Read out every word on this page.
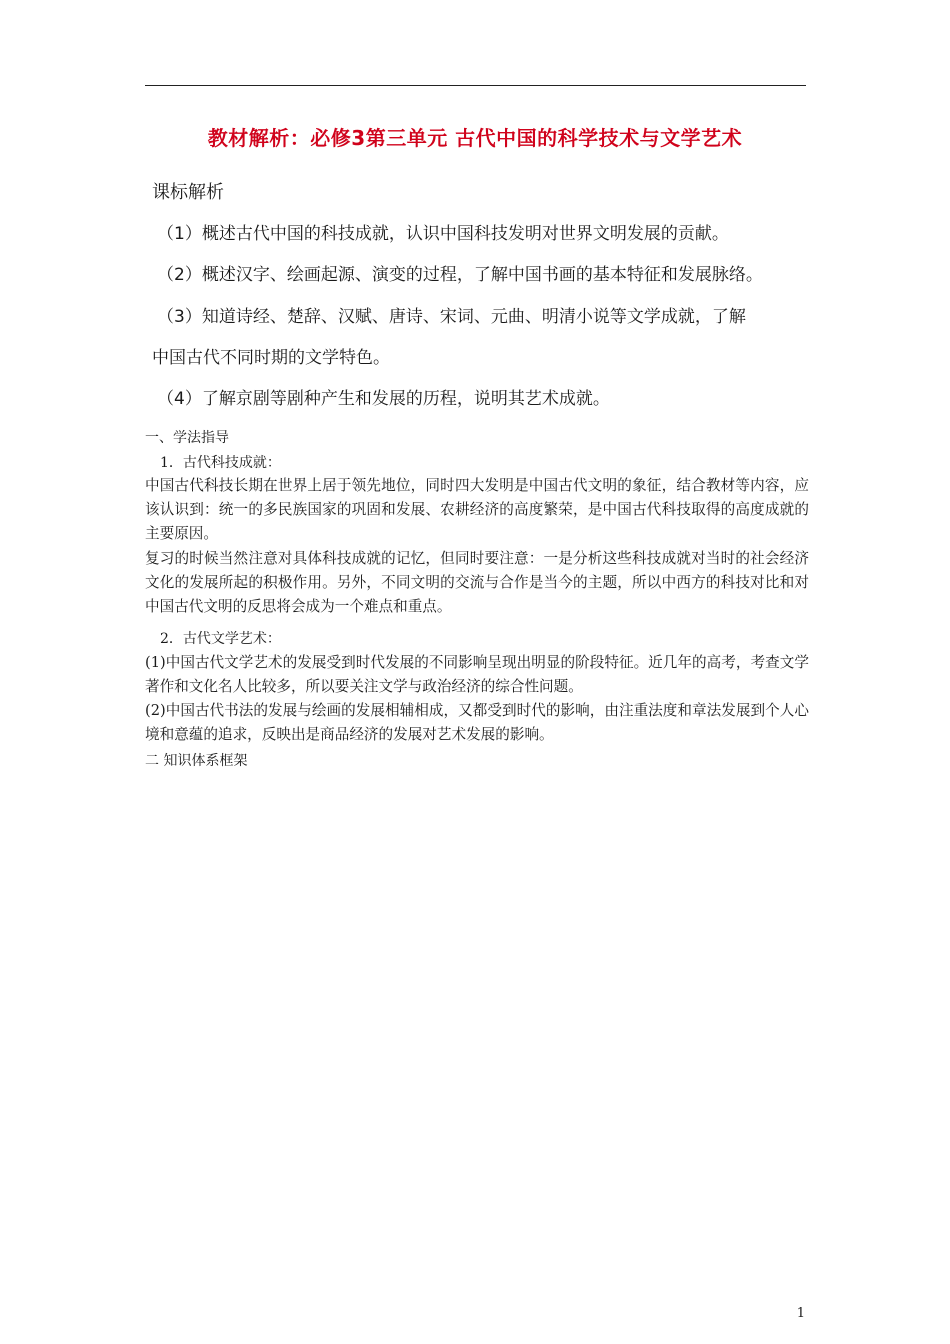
教材解析：必修3第三单元 古代中国的科学技术与文学艺术
课标解析
（1）概述古代中国的科技成就，认识中国科技发明对世界文明发展的贡献。
（2）概述汉字、绘画起源、演变的过程，了解中国书画的基本特征和发展脉络。
（3）知道诗经、楚辞、汉赋、唐诗、宋词、元曲、明清小说等文学成就，了解
中国古代不同时期的文学特色。
（4）了解京剧等剧种产生和发展的历程，说明其艺术成就。
一、学法指导
1．古代科技成就：
中国古代科技长期在世界上居于领先地位，同时四大发明是中国古代文明的象征，结合教材等内容，应该认识到：统一的多民族国家的巩固和发展、农耕经济的高度繁荣，是中国古代科技取得的高度成就的主要原因。
复习的时候当然注意对具体科技成就的记忆，但同时要注意：一是分析这些科技成就对当时的社会经济文化的发展所起的积极作用。另外，不同文明的交流与合作是当今的主题，所以中西方的科技对比和对中国古代文明的反思将会成为一个难点和重点。
2．古代文学艺术：
(1)中国古代文学艺术的发展受到时代发展的不同影响呈现出明显的阶段特征。近几年的高考，考查文学著作和文化名人比较多，所以要关注文学与政治经济的综合性问题。
(2)中国古代书法的发展与绘画的发展相辅相成，又都受到时代的影响，由注重法度和章法发展到个人心境和意蕴的追求，反映出是商品经济的发展对艺术发展的影响。
二 知识体系框架
1
